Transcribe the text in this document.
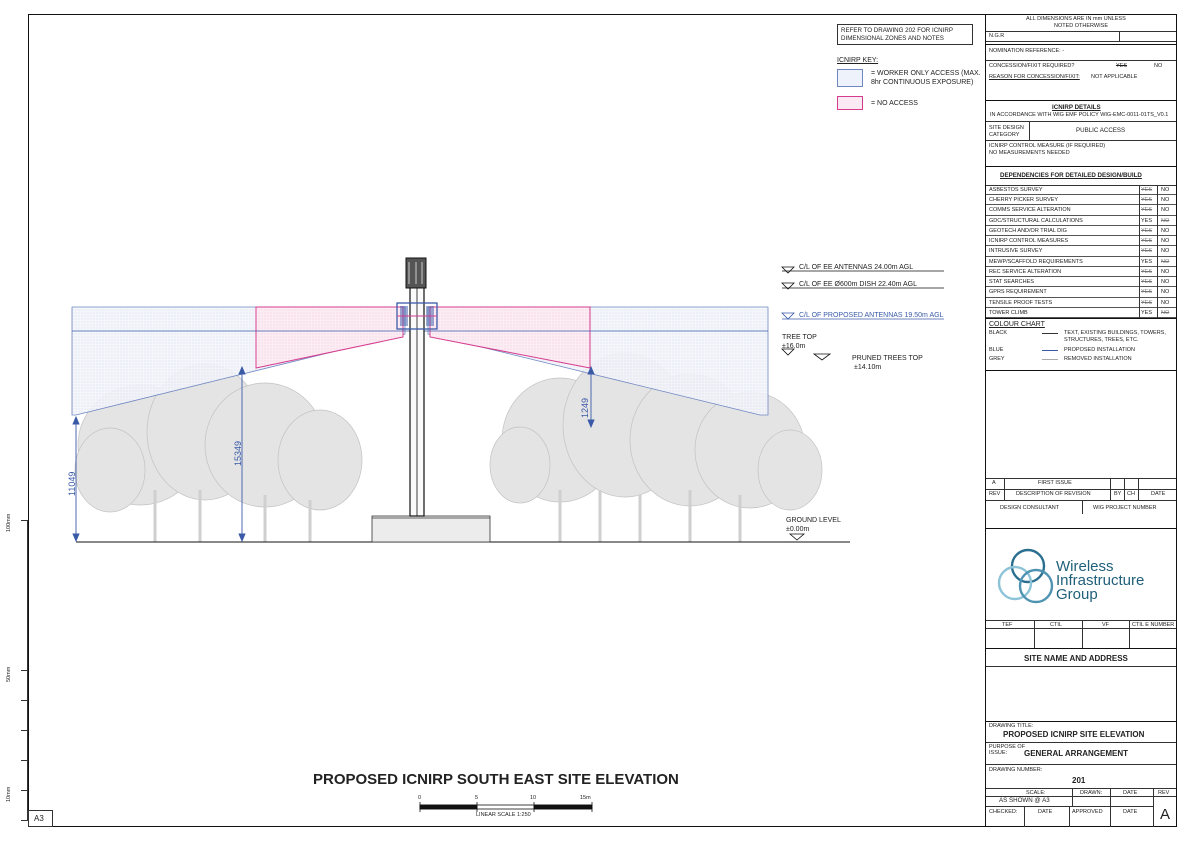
100mm
50mm
10mm
A3
REFER TO DRAWING 202 FOR ICNIRP
DIMENSIONAL ZONES AND NOTES
ICNIRP KEY:
= WORKER ONLY ACCESS (MAX.
8hr CONTINUOUS EXPOSURE)
= NO ACCESS
C/L OF EE ANTENNAS 24.00m AGL
C/L OF EE Ø600m DISH 22.40m AGL
C/L OF PROPOSED ANTENNAS 19.50m AGL
TREE TOP
±16.0m
PRUNED TREES TOP
±14.10m
GROUND LEVEL
±0.00m
11049
15349
1249
PROPOSED ICNIRP SOUTH EAST SITE ELEVATION
0	5	10	15m
LINEAR SCALE 1:250
ALL DIMENSIONS ARE IN mm UNLESS
NOTED OTHERWISE
N.G.R
NOMINATION REFERENCE: -
CONCESSION/FIXIT REQUIRED?	YES	NO
REASON FOR CONCESSION/FIXIT: NOT APPLICABLE
ICNIRP DETAILS
IN ACCORDANCE WITH WIG EMF POLICY WIG-EMC-0011-01TS_V0.1
SITE DESIGN
CATEGORY
PUBLIC ACCESS
ICNIRP CONTROL MEASURE (IF REQUIRED)
NO MEASUREMENTS NEEDED
DEPENDENCIES FOR DETAILED DESIGN/BUILD
ASBESTOS SURVEY	YES NO
CHERRY PICKER SURVEY	YES NO
COMMS SERVICE ALTERATION	YES NO
GDC/STRUCTURAL CALCULATIONS	YES NO
GEOTECH AND/OR TRIAL DIG	YES NO
ICNIRP CONTROL MEASURES	YES NO
INTRUSIVE SURVEY	YES NO
MEWP/SCAFFOLD REQUIREMENTS	YES NO
REC SERVICE ALTERATION	YES NO
STAT SEARCHES	YES NO
GPRS REQUIREMENT	YES NO
TENSILE PROOF TESTS	YES NO
TOWER CLIMB	YES NO
COLOUR CHART
BLACK	TEXT, EXISTING BUILDINGS, TOWERS,
STRUCTURES, TREES, ETC.
BLUE	PROPOSED INSTALLATION
GREY	REMOVED INSTALLATION
A	FIRST ISSUE
REV	DESCRIPTION OF REVISION	BY CH	DATE
DESIGN CONSULTANT	WIG PROJECT NUMBER
Wireless
Infrastructure
Group
TEF	CTIL	VF	CTIL E NUMBER
SITE NAME AND ADDRESS
DRAWING TITLE:
PROPOSED ICNIRP SITE ELEVATION
PURPOSE OF
ISSUE: GENERAL ARRANGEMENT
DRAWING NUMBER:
201
SCALE:
AS SHOWN @ A3
DRAWN:	DATE	REV
CHECKED:	DATE	APPROVED	DATE A
